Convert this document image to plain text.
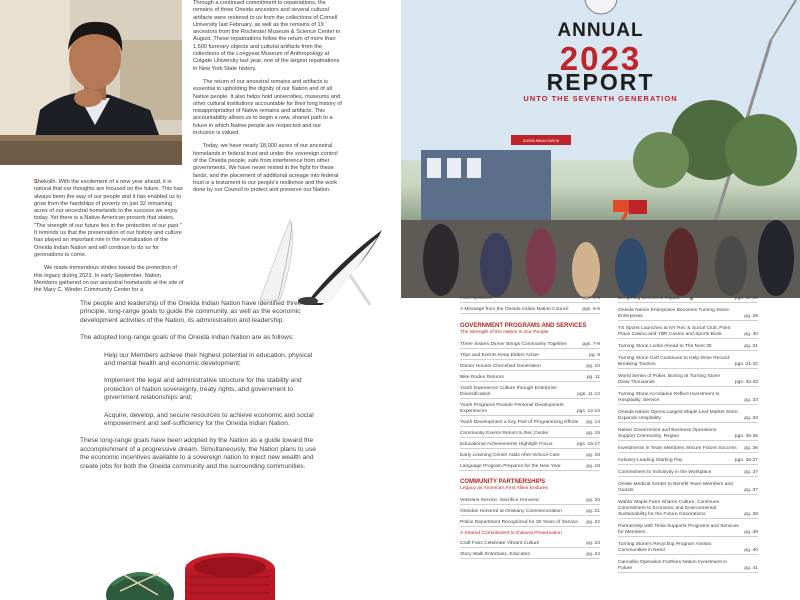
Through a continued commitment to repatriations, the remains of three Oneida ancestors and several cultural artifacts were restored to us from the collections of Cornell University last February, as well as the remains of 19 ancestors from the Rochester Museum & Science Center in August. These repatriations follow the return of more than 1,500 funerary objects and cultural artifacts from the collections of the Longyear Museum of Anthropology at Colgate University last year, one of the largest repatriations in New York State history.

The return of our ancestral remains and artifacts is essential to upholding the dignity of our Nation and of all Native people. It also helps hold universities, museums and other cultural institutions accountable for their long history of misappropriation of Native remains and artifacts. This accountability allows us to begin a new, shared path to a future in which Native people are respected and our inclusion is valued.

Today, we have nearly 18,000 acres of our ancestral homelands in federal trust and under the sovereign control of the Oneida people, safe from interference from other governments. We have never rested in the fight for these lands, and the placement of additional acreage into federal trust is a testament to our people's resilience and the work done by our Council to protect and preserve our Nation.

Shekolih. With the excitement of a new year ahead, it is natural that our thoughts are focused on the future. This has always been the way of our people and it has enabled us to grow from the hardships of poverty on just 32 remaining acres of our ancestral homelands to the success we enjoy today. Yet there is a Native American proverb that states, "The strength of our future lies in the protection of our past." It reminds us that the preservation of our history and culture has played an important role in the revitalization of the Oneida Indian Nation and will continue to do so for generations to come.

We made tremendous strides toward the protection of this legacy during 2023. In early September, Nation Members gathered on our ancestral homelands at the site of the Mary C. Winder Community Center for a

The people and leadership of the Oneida Indian Nation have identified three principle, long-range goals to guide the community, as well as the economic development activities of the Nation, its administration and leadership.

The adopted long-range goals of the Oneida Indian Nation are as follows:

Help our Members achieve their highest potential in education, physical and mental health and economic development;

Implement the legal and administrative structure for the stability and protection of Nation sovereignty, treaty rights, and government to government relationships and;

Acquire, develop, and secure resources to achieve economic and social empowerment and self-sufficiency for the Oneida Indian Nation.

These long-range goals have been adopted by the Nation as a guide toward the accomplishment of a progressive dream. Simultaneously, the Nation plans to use the economic incentives available to a sovereign nation to inject new wealth and create jobs for both the Oneida community and the surrounding communities.

ANNUAL
2023
REPORT
UNTO THE SEVENTH GENERATION
ONEIDA INDIAN NATION
Past Injustices	pgs. 3-4
A Message from the Oneida Indian Nation Council	pgs. 5-6
GOVERNMENT PROGRAMS AND SERVICES
The Strength of the Nation is Our People
Three Sisters Dinner Brings Community Together	pgs. 7-9
Trips and Events Keep Elders Active	pg. 9
Dinner Honors Cherished Generation	pg. 10
Bike Rodeo Returns	pg. 11
Youth Experience Culture through Enterprise Diversification	pgs. 11-12
Youth Programs Provide Personal Development Experiences	pgs. 12-14
Youth Development a Key Part of Programming Efforts	pg. 14
Community Events Return to Rec Center	pg. 15
Educational Achievements Highlight Focus	pgs. 15-17
Early Learning Center Adds After-School Care	pg. 18
Language Program Prepares for the New Year	pg. 18
COMMUNITY PARTNERSHIPS
Legacy as America's First Allies Endures
Veterans Service, Sacrifice Honored	pg. 20
Oneidas Honored at Oriskany Commemoration	pg. 21
Police Department Recognized for 30 Years of Service	pg. 22
A Shared Commitment to Cultural Preservation
Craft Fairs Celebrate Vibrant Culture	pg. 23
Story Walk Entertains, Educates	pg. 24
Brings Big Economic Impact	pgs. 28-29
Oneida Nation Enterprises Becomes Turning Stone Enterprises	pg. 29
TS Sports Launches at NY Rec & Social Club, Point Place Casino and YBR Casino and Sports Book	pg. 30
Turning Stone Looks Ahead to The Next 30	pg. 31
Turning Stone Golf Continues to Help Drive Record-Breaking Tourism	pgs. 31-32
World Series of Poker, Boxing at Turning Stone Draw Thousands	pgs. 32-33
Turning Stone Accolades Reflect Investment In Hospitality, Service	pg. 33
Oneida Nation Opens Largest Maple Leaf Market Store, Expands Hospitality	pg. 33
Nation Government and Business Operations Support Community, Region	pgs. 35-36
Investments in Team Members Secure Future Success	pg. 36
Industry-Leading Starting Pay	pgs. 36-37
Commitment to Inclusivity in the Workplace	pg. 37
Onsite Medical Center to Benefit Team Members and Guests	pg. 37
Wahta' Maple Farm Shares Culture, Continues Commitment to Economic and Environmental Sustainability for the Future Generations	pg. 38
Partnership with Tesla Supports Programs and Services for Members	pg. 39
Turning Stone's Recycling Program Assists Communities in Need	pg. 40
Cannabis Operation Furthers Nation Investment in Future	pg. 41
